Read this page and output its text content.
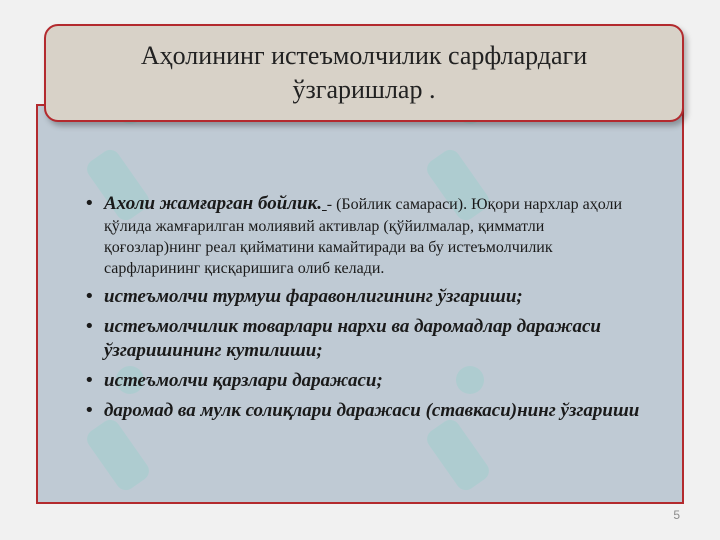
Аҳолининг истеъмолчилик сарфлардаги ўзгаришлар .
• Ахоли жамғарган бойлик. - (Бойлик самараси). Юқори нархлар аҳоли қўлида жамғарилган молиявий активлар (қўйилмалар, қимматли қоғозлар)нинг реал қийматини камайтиради ва бу истеъмолчилик сарфларининг қисқаришига олиб келади.
• истеъмолчи турмуш фаравонлигининг ўзгариши;
• истеъмолчилик товарлари нархи ва даромадлар даражаси ўзгаришининг кутилиши;
• истеъмолчи қарзлари даражаси;
• даромад ва мулк солиқлари даражаси (ставкаси)нинг ўзгариши
5
